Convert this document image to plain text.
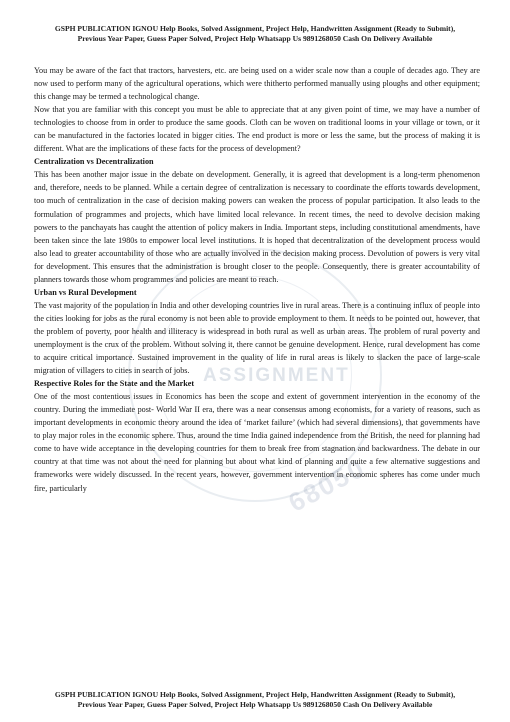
ASSIGNMENT
68050
GSPH PUBLICATION IGNOU Help Books, Solved Assignment, Project Help, Handwritten Assignment (Ready to Submit), Previous Year Paper, Guess Paper Solved, Project Help Whatsapp Us 9891268050 Cash On Delivery Available

You may be aware of the fact that tractors, harvesters, etc. are being used on a wider scale now than a couple of decades ago. They are now used to perform many of the agricultural operations, which were thitherto performed manually using ploughs and other equipment; this change may be termed a technological change.

Now that you are familiar with this concept you must be able to appreciate that at any given point of time, we may have a number of technologies to choose from in order to produce the same goods. Cloth can be woven on traditional looms in your village or town, or it can be manufactured in the factories located in bigger cities. The end product is more or less the same, but the process of making it is different. What are the implications of these facts for the process of development?

Centralization vs Decentralization

This has been another major issue in the debate on development. Generally, it is agreed that development is a long-term phenomenon and, therefore, needs to be planned. While a certain degree of centralization is necessary to coordinate the efforts towards development, too much of centralization in the case of decision making powers can weaken the process of popular participation. It also leads to the formulation of programmes and projects, which have limited local relevance. In recent times, the need to devolve decision making powers to the panchayats has caught the attention of policy makers in India. Important steps, including constitutional amendments, have been taken since the late 1980s to empower local level institutions. It is hoped that decentralization of the development process would also lead to greater accountability of those who are actually involved in the decision making process. Devolution of powers is very vital for development. This ensures that the administration is brought closer to the people. Consequently, there is greater accountability of planners towards those whom programmes and policies are meant to reach.

Urban vs Rural Development

The vast majority of the population in India and other developing countries live in rural areas. There is a continuing influx of people into the cities looking for jobs as the rural economy is not been able to provide employment to them. It needs to be pointed out, however, that the problem of poverty, poor health and illiteracy is widespread in both rural as well as urban areas. The problem of rural poverty and unemployment is the crux of the problem. Without solving it, there cannot be genuine development. Hence, rural development has come to acquire critical importance. Sustained improvement in the quality of life in rural areas is likely to slacken the pace of large-scale migration of villagers to cities in search of jobs.

Respective Roles for the State and the Market

One of the most contentious issues in Economics has been the scope and extent of government intervention in the economy of the country. During the immediate post- World War II era, there was a near consensus among economists, for a variety of reasons, such as important developments in economic theory around the idea of ‘market failure’ (which had several dimensions), that governments have to play major roles in the economic sphere. Thus, around the time India gained independence from the British, the need for planning had come to have wide acceptance in the developing countries for them to break free from stagnation and backwardness. The debate in our country at that time was not about the need for planning but about what kind of planning and quite a few alternative suggestions and frameworks were widely discussed. In the recent years, however, government intervention in economic spheres has come under much fire, particularly

GSPH PUBLICATION IGNOU Help Books, Solved Assignment, Project Help, Handwritten Assignment (Ready to Submit), Previous Year Paper, Guess Paper Solved, Project Help Whatsapp Us 9891268050 Cash On Delivery Available
